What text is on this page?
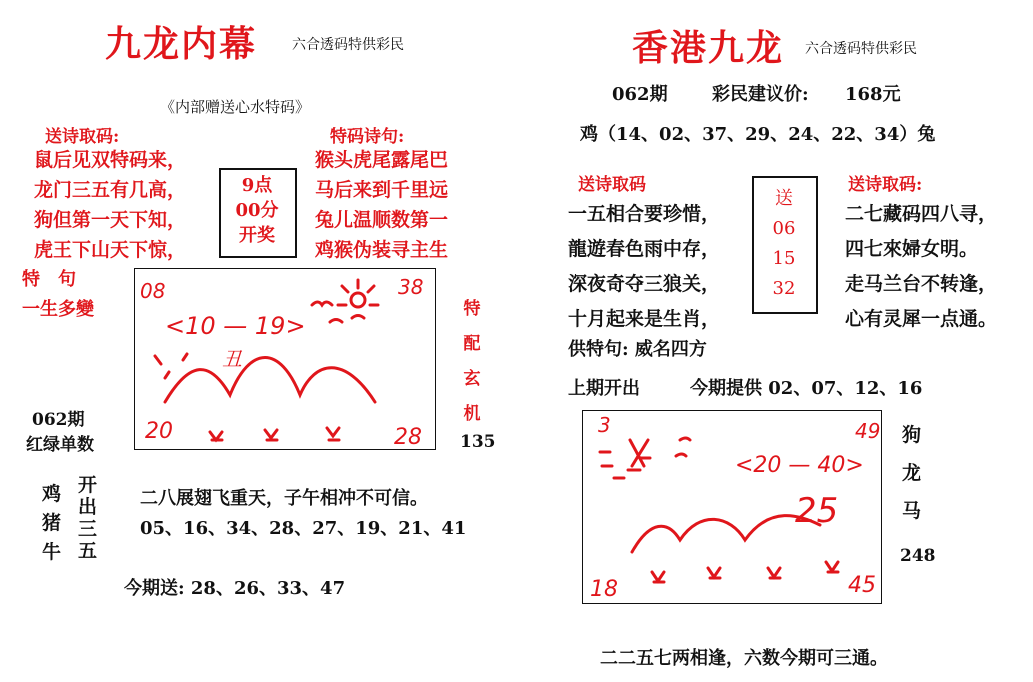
九龙内幕 六合透码特供彩民
《内部赠送心水特码》
送诗取码:
鼠后见双特码来，
龙门三五有几高，
狗但第一天下知，
虎王下山天下惊，
9点
00分
开奖
特码诗句:
猴头虎尾露尾巴
马后来到千里远
兔儿温顺数第一
鸡猴伪装寻主生
特　句
一生多變	特
配
玄
机
062期
红绿单数	135
鸡
猪
牛
开
出
三
五
二八展翅飞重天，子午相冲不可信。
05、16、34、28、27、19、21、41
今期送: 28、26、33、47
香港九龙 六合透码特供彩民
062期 彩民建议价: 168元
鸡（14、02、37、29、24、22、34）兔
送诗取码
一五相合要珍惜，
龍遊春色雨中存，
深夜奇夺三狼关，
十月起来是生肖，
送
06
15
32
送诗取码:
二七藏码四八寻，
四七來婦女明。
走马兰台不转逢，
心有灵犀一点通。
供特句: 威名四方
上期开出	今期提供 02、07、12、16
狗
龙
马
248
二二五七两相逢，六数今期可三通。
08	38
<10 — 19>
丑
20	28	3	49
<20 — 40>
25
18	45
